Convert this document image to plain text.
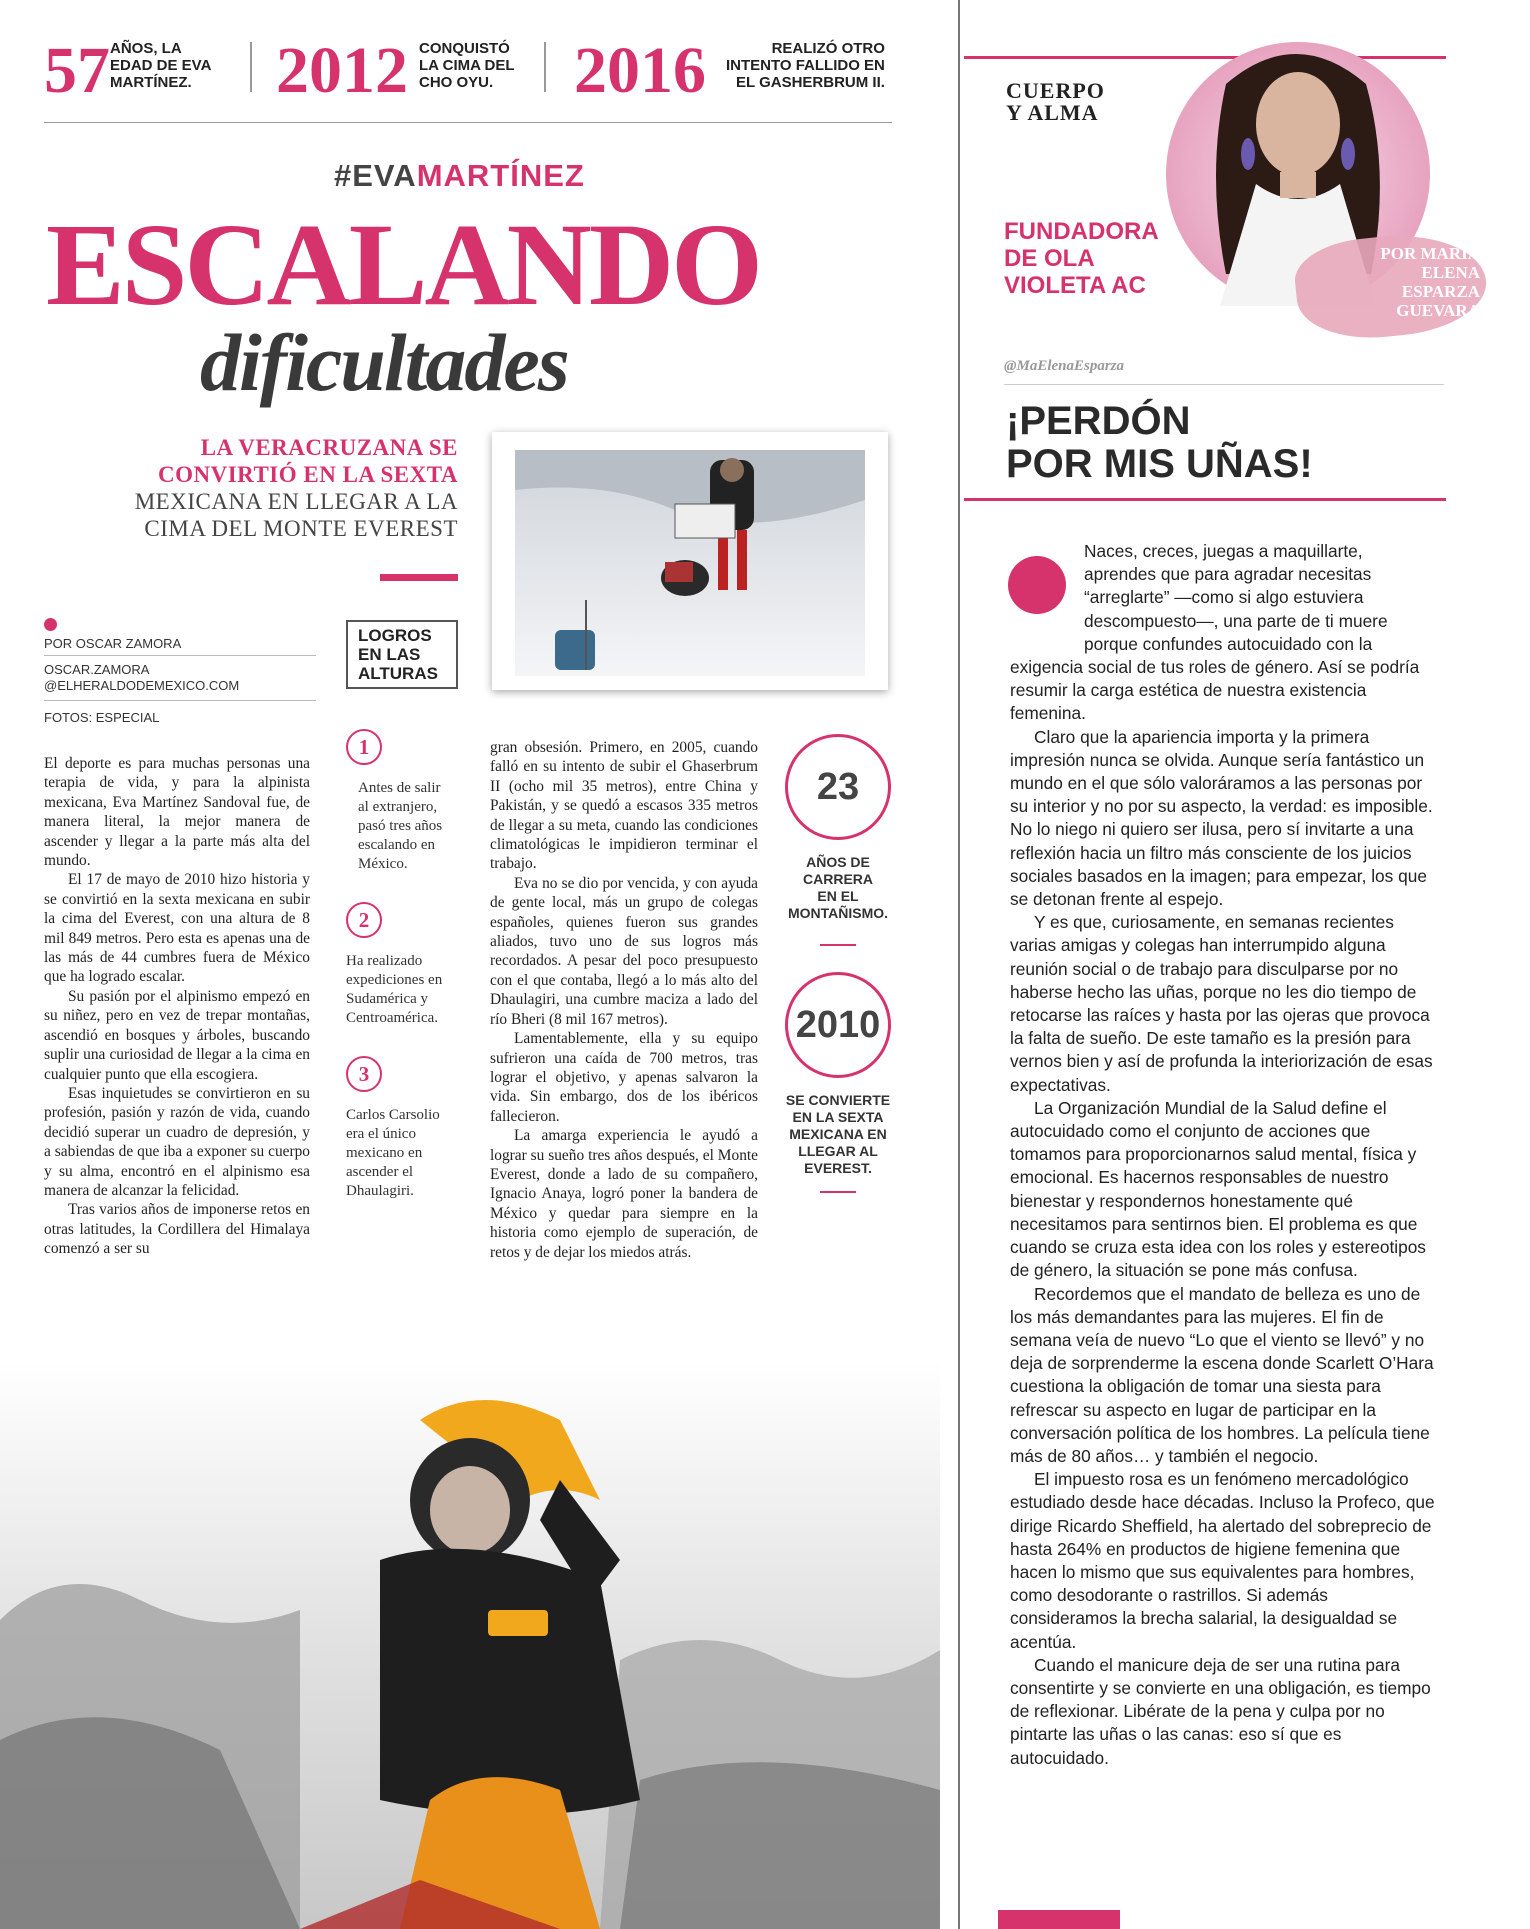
57 AÑOS, LA
EDAD DE EVA
MARTÍNEZ. 2012 CONQUISTÓ
LA CIMA DEL
CHO OYU.	2016	REALIZÓ OTRO
INTENTO FALLIDO EN
EL GASHERBRUM II.
#EVAMARTÍNEZ
ESCALANDO
dificultades
LA VERACRUZANA SE
CONVIRTIÓ EN LA SEXTA
MEXICANA EN LLEGAR A LA
CIMA DEL MONTE EVEREST
POR OSCAR ZAMORA
OSCAR.ZAMORA
@ELHERALDODEMEXICO.COM
FOTOS: ESPECIAL

El deporte es para muchas personas una terapia de vida, y para la alpinista mexicana, Eva Martínez Sandoval fue, de manera literal, la mejor manera de ascender y llegar a la parte más alta del mundo.

El 17 de mayo de 2010 hizo historia y se convirtió en la sexta mexicana en subir la cima del Everest, con una altura de 8 mil 849 metros. Pero esta es apenas una de las más de 44 cumbres fuera de México que ha logrado escalar.

Su pasión por el alpinismo empezó en su niñez, pero en vez de trepar montañas, ascendió en bosques y árboles, buscando suplir una curiosidad de llegar a la cima en cualquier punto que ella escogiera.

Esas inquietudes se convirtieron en su profesión, pasión y razón de vida, cuando decidió superar un cuadro de depresión, y a sabiendas de que iba a exponer su cuerpo y su alma, encontró en el alpinismo esa manera de alcanzar la felicidad.

Tras varios años de imponerse retos en otras latitudes, la Cordillera del Himalaya comenzó a ser su

LOGROS
EN LAS
ALTURAS
1
Antes de salir al extranjero, pasó tres años escalando en México.
2
Ha realizado expediciones en Sudamérica y Centroamérica.
3
Carlos Carsolio era el único mexicano en ascender el Dhaulagiri.

gran obsesión. Primero, en 2005, cuando falló en su intento de subir el Ghaserbrum II (ocho mil 35 metros), entre China y Pakistán, y se quedó a escasos 335 metros de llegar a su meta, cuando las condiciones climatológicas le impidieron terminar el trabajo.

Eva no se dio por vencida, y con ayuda de gente local, más un grupo de colegas españoles, quienes fueron sus grandes aliados, tuvo uno de sus logros más recordados. A pesar del poco presupuesto con el que contaba, llegó a lo más alto del Dhaulagiri, una cumbre maciza a lado del río Bheri (8 mil 167 metros).

Lamentablemente, ella y su equipo sufrieron una caída de 700 metros, tras lograr el objetivo, y apenas salvaron la vida. Sin embargo, dos de los ibéricos fallecieron.

La amarga experiencia le ayudó a lograr su sueño tres años después, el Monte Everest, donde a lado de su compañero, Ignacio Anaya, logró poner la bandera de México y quedar para siempre en la historia como ejemplo de superación, de retos y de dejar los miedos atrás.

23
AÑOS DE
CARRERA
EN EL
MONTAÑISMO.
2010
SE CONVIERTE
EN LA SEXTA
MEXICANA EN
LLEGAR AL
EVEREST.
CUERPO
Y ALMA
POR MARÍA
ELENA
ESPARZA
GUEVARA
FUNDADORA
DE OLA
VIOLETA AC
@MaElenaEsparza
¡PERDÓN
POR MIS UÑAS!

Naces, creces, juegas a maquillarte, aprendes que para agradar necesitas “arreglarte” —como si algo estuviera descompuesto—, una parte de ti muere porque confundes autocuidado con la exigencia social de tus roles de género. Así se podría resumir la carga estética de nuestra existencia femenina.

Claro que la apariencia importa y la primera impresión nunca se olvida. Aunque sería fantástico un mundo en el que sólo valoráramos a las personas por su interior y no por su aspecto, la verdad: es imposible. No lo niego ni quiero ser ilusa, pero sí invitarte a una reflexión hacia un filtro más consciente de los juicios sociales basados en la imagen; para empezar, los que se detonan frente al espejo.

Y es que, curiosamente, en semanas recientes varias amigas y colegas han interrumpido alguna reunión social o de trabajo para disculparse por no haberse hecho las uñas, porque no les dio tiempo de retocarse las raíces y hasta por las ojeras que provoca la falta de sueño. De este tamaño es la presión para vernos bien y así de profunda la interiorización de esas expectativas.

La Organización Mundial de la Salud define el autocuidado como el conjunto de acciones que tomamos para proporcionarnos salud mental, física y emocional. Es hacernos responsables de nuestro bienestar y respondernos honestamente qué necesitamos para sentirnos bien. El problema es que cuando se cruza esta idea con los roles y estereotipos de género, la situación se pone más confusa.

Recordemos que el mandato de belleza es uno de los más demandantes para las mujeres. El fin de semana veía de nuevo “Lo que el viento se llevó” y no deja de sorprenderme la escena donde Scarlett O’Hara cuestiona la obligación de tomar una siesta para refrescar su aspecto en lugar de participar en la conversación política de los hombres. La película tiene más de 80 años… y también el negocio.

El impuesto rosa es un fenómeno mercadológico estudiado desde hace décadas. Incluso la Profeco, que dirige Ricardo Sheffield, ha alertado del sobreprecio de hasta 264% en productos de higiene femenina que hacen lo mismo que sus equivalentes para hombres, como desodorante o rastrillos. Si además consideramos la brecha salarial, la desigualdad se acentúa.

Cuando el manicure deja de ser una rutina para consentirte y se convierte en una obligación, es tiempo de reflexionar. Libérate de la pena y culpa por no pintarte las uñas o las canas: eso sí que es autocuidado.
